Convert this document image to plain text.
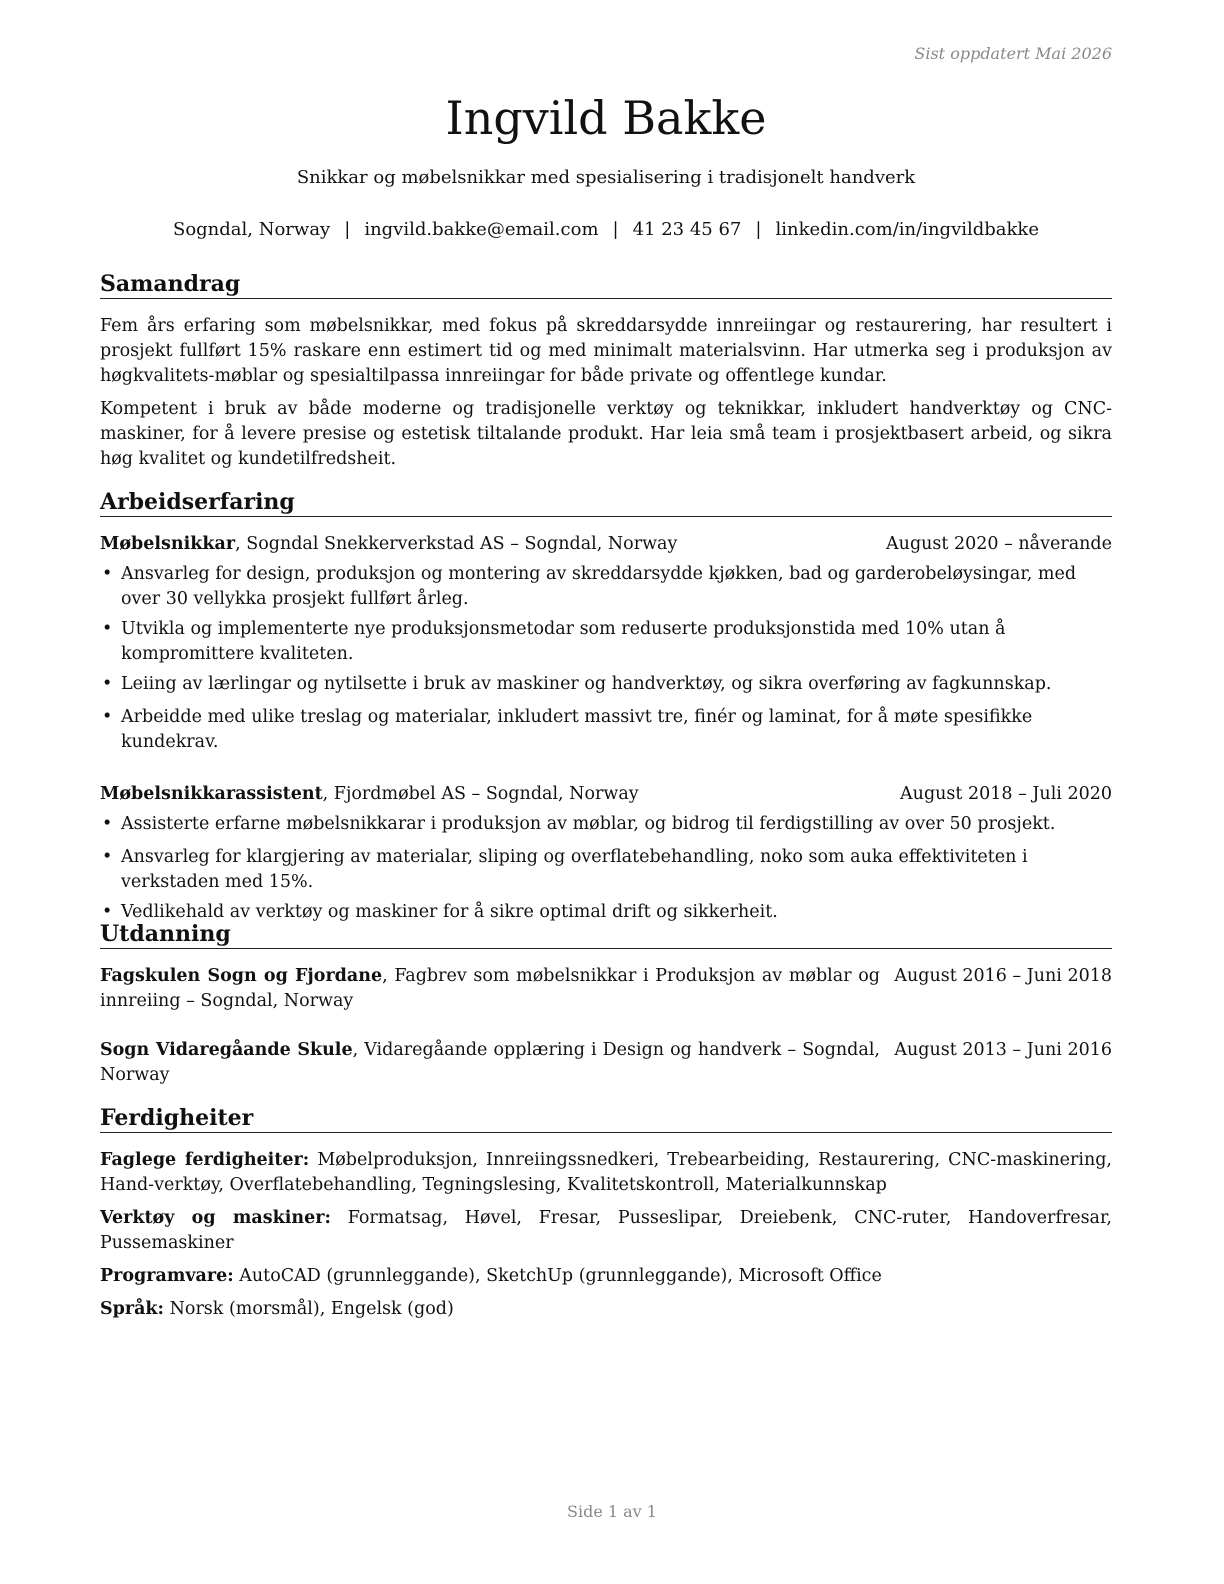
Sist oppdatert Mai 2026
Ingvild Bakke
Snikkar og møbelsnikkar med spesialisering i tradisjonelt handverk
Sogndal, Norway | ingvild.bakke@email.com | 41 23 45 67 | linkedin.com/in/ingvildbakke
Samandrag

Fem års erfaring som møbelsnikkar, med fokus på skreddarsydde innreiingar og restaurering, har resultert i prosjekt fullført 15% raskare enn estimert tid og med minimalt materialsvinn. Har utmerka seg i produksjon av høgkvalitets-møblar og spesialtilpassa innreiingar for både private og offentlege kundar.

Kompetent i bruk av både moderne og tradisjonelle verktøy og teknikkar, inkludert handverktøy og CNC-maskiner, for å levere presise og estetisk tiltalande produkt. Har leia små team i prosjektbasert arbeid, og sikra høg kvalitet og kundetilfredsheit.

Arbeidserfaring
Møbelsnikkar, Sogndal Snekkerverkstad AS – Sogndal, Norway	August 2020 – nåverande
• Ansvarleg for design, produksjon og montering av skreddarsydde kjøkken, bad og garderobeløysingar, med over 30 vellykka prosjekt fullført årleg.
• Utvikla og implementerte nye produksjonsmetodar som reduserte produksjonstida med 10% utan å kompromittere kvaliteten.
• Leiing av lærlingar og nytilsette i bruk av maskiner og handverktøy, og sikra overføring av fagkunnskap.
• Arbeidde med ulike treslag og materialar, inkludert massivt tre, finér og laminat, for å møte spesifikke kundekrav.
Møbelsnikkarassistent, Fjordmøbel AS – Sogndal, Norway	August 2018 – Juli 2020
• Assisterte erfarne møbelsnikkarar i produksjon av møblar, og bidrog til ferdigstilling av over 50 prosjekt.
• Ansvarleg for klargjering av materialar, sliping og overflatebehandling, noko som auka effektiviteten i verkstaden med 15%.
• Vedlikehald av verktøy og maskiner for å sikre optimal drift og sikkerheit.
Utdanning
Fagskulen Sogn og Fjordane, Fagbrev som møbelsnikkar i Produksjon av møblar og innreiing – Sogndal, Norway
August 2016 – Juni 2018
Sogn Vidaregåande Skule, Vidaregåande opplæring i Design og handverk – Sogndal, Norway
August 2013 – Juni 2016
Ferdigheiter
Faglege ferdigheiter: Møbelproduksjon, Innreiingssnedkeri, Trebearbeiding, Restaurering, CNC-maskinering, Hand-verktøy, Overflatebehandling, Tegningslesing, Kvalitetskontroll, Materialkunnskap
Verktøy og maskiner: Formatsag, Høvel, Fresar, Pusseslipar, Dreiebenk, CNC-ruter, Handoverfresar, Pussemaskiner
Programvare: AutoCAD (grunnleggande), SketchUp (grunnleggande), Microsoft Office
Språk: Norsk (morsmål), Engelsk (god)
Side 1 av 1
